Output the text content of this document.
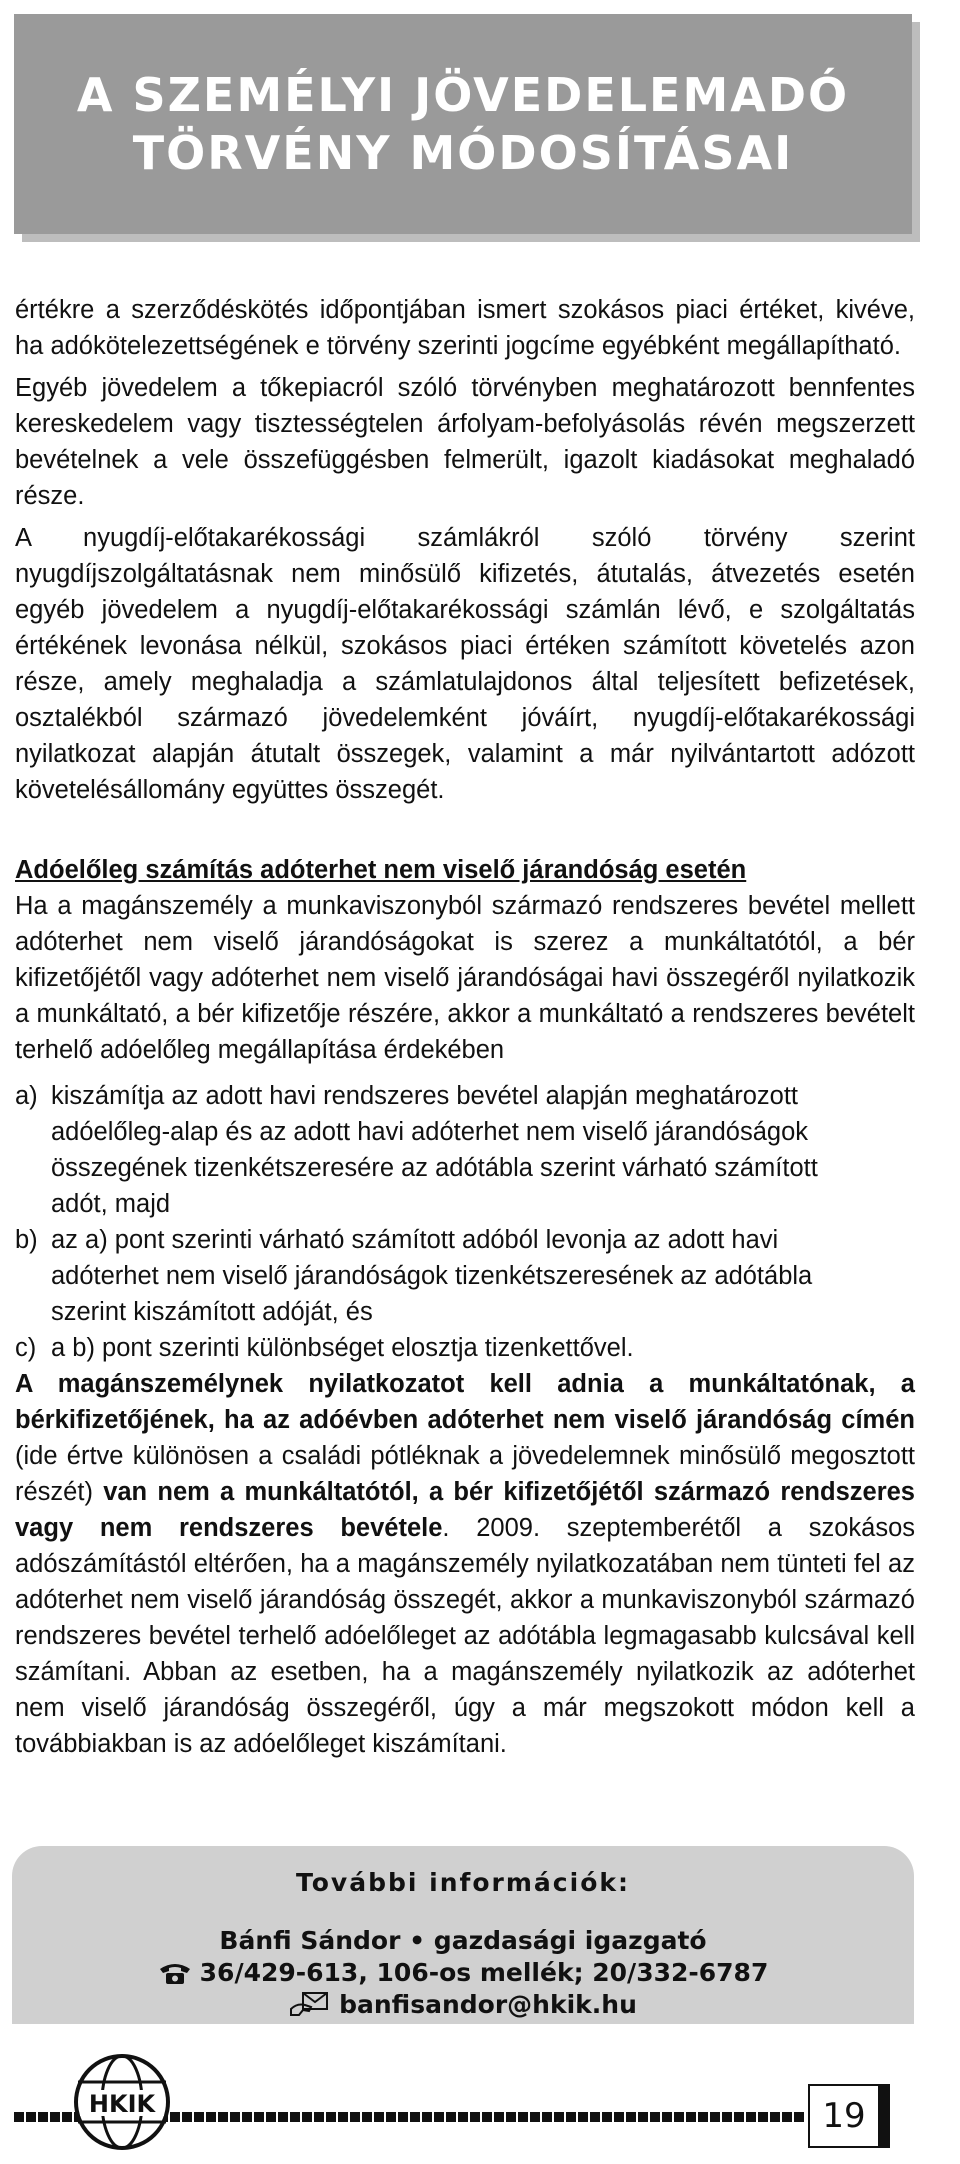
A SZEMÉLYI JÖVEDELEMADÓ
TÖRVÉNY MÓDOSÍTÁSAI

értékre a szerződéskötés időpontjában ismert szokásos piaci értéket, kivéve, ha adókötelezettségének e törvény szerinti jogcíme egyébként megállapítható.

Egyéb jövedelem a tőkepiacról szóló törvényben meghatározott bennfentes kereskedelem vagy tisztességtelen árfolyam-befolyásolás révén megszerzett bevételnek a vele összefüggésben felmerült, igazolt kiadásokat meghaladó része.

A nyugdíj-előtakarékossági számlákról szóló törvény szerint nyugdíjszolgáltatásnak nem minősülő kifizetés, átutalás, átvezetés esetén egyéb jövedelem a nyugdíj-előtakarékossági számlán lévő, e szolgáltatás értékének levonása nélkül, szokásos piaci értéken számított követelés azon része, amely meghaladja a számlatulajdonos által teljesített befizetések, osztalékból származó jövedelemként jóváírt, nyugdíj-előtakarékossági nyilatkozat alapján átutalt összegek, valamint a már nyilvántartott adózott követelésállomány együttes összegét.

Adóelőleg számítás adóterhet nem viselő járandóság esetén

Ha a magánszemély a munkaviszonyból származó rendszeres bevétel mellett adóterhet nem viselő járandóságokat is szerez a munkáltatótól, a bér kifizetőjétől vagy adóterhet nem viselő járandóságai havi összegéről nyilatkozik a munkáltató, a bér kifizetője részére, akkor a munkáltató a rendszeres bevételt terhelő adóelőleg megállapítása érdekében

a) kiszámítja az adott havi rendszeres bevétel alapján meghatározott adóelőleg-alap és az adott havi adóterhet nem viselő járandóságok összegének tizenkétszeresére az adótábla szerint várható számított adót, majd
b) az a) pont szerinti várható számított adóból levonja az adott havi adóterhet nem viselő járandóságok tizenkétszeresének az adótábla szerint kiszámított adóját, és
c) a b) pont szerinti különbséget elosztja tizenkettővel.

A magánszemélynek nyilatkozatot kell adnia a munkáltatónak, a bérkifizetőjének, ha az adóévben adóterhet nem viselő járandóság címén (ide értve különösen a családi pótléknak a jövedelemnek minősülő megosztott részét) van nem a munkáltatótól, a bér kifizetőjétől származó rendszeres vagy nem rendszeres bevétele. 2009. szeptemberétől a szokásos adószámítástól eltérően, ha a magánszemély nyilatkozatában nem tünteti fel az adóterhet nem viselő járandóság összegét, akkor a munkaviszonyból származó rendszeres bevétel terhelő adóelőleget az adótábla legmagasabb kulcsával kell számítani. Abban az esetben, ha a magánszemély nyilatkozik az adóterhet nem viselő járandóság összegéről, úgy a már megszokott módon kell a továbbiakban is az adóelőleget kiszámítani.

További információk:
Bánfi Sándor • gazdasági igazgató
36/429-613, 106-os mellék; 20/332-6787
banfisandor@hkik.hu
HKIK	19
